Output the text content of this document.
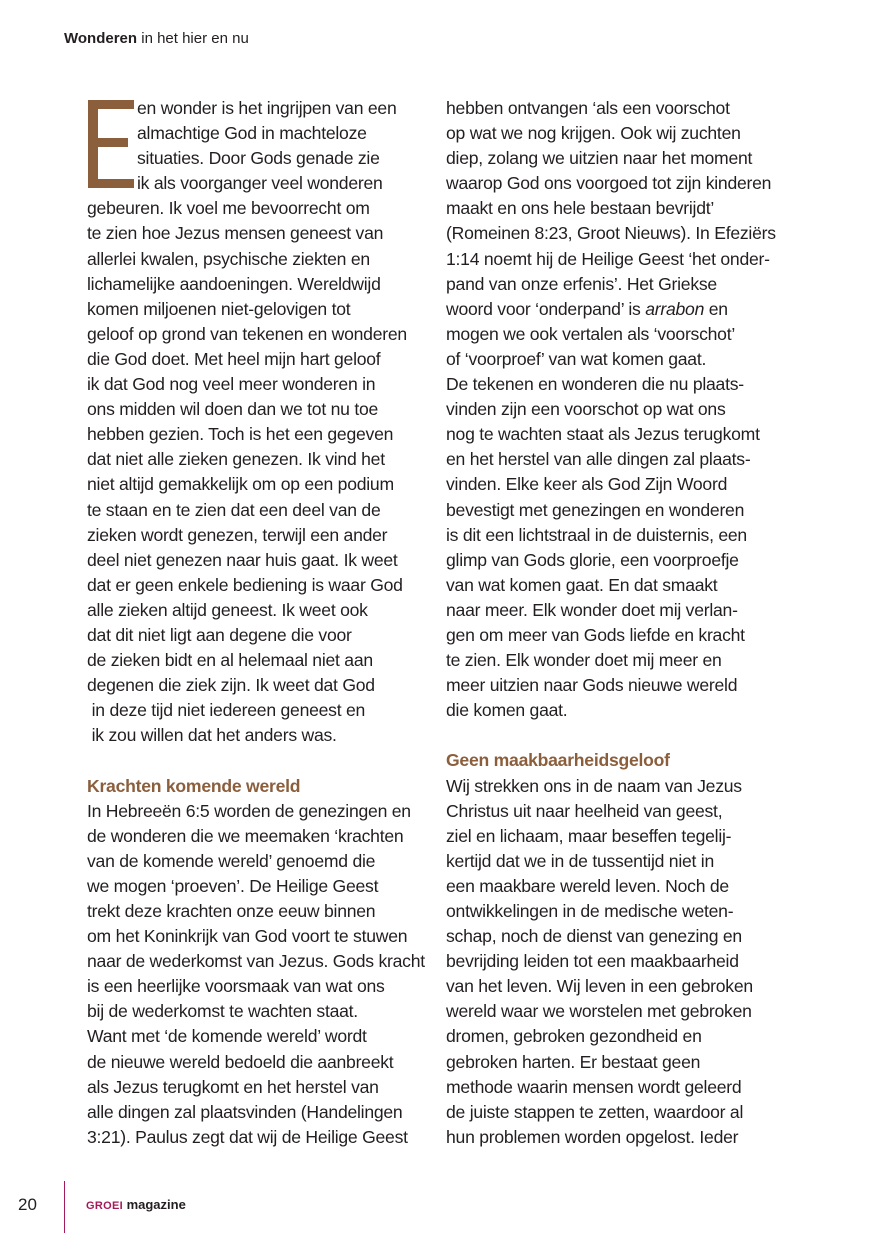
Wonderen in het hier en nu
en wonder is het ingrijpen van een
almachtige God in machteloze
situaties. Door Gods genade zie
ik als voorganger veel wonderen
gebeuren. Ik voel me bevoorrecht om
te zien hoe Jezus mensen geneest van
allerlei kwalen, psychische ziekten en
lichamelijke aandoeningen. Wereldwijd
komen miljoenen niet-gelovigen tot
geloof op grond van tekenen en wonderen
die God doet. Met heel mijn hart geloof
ik dat God nog veel meer wonderen in
ons midden wil doen dan we tot nu toe
hebben gezien. Toch is het een gegeven
dat niet alle zieken genezen. Ik vind het
niet altijd gemakkelijk om op een podium
te staan en te zien dat een deel van de
zieken wordt genezen, terwijl een ander
deel niet genezen naar huis gaat. Ik weet
dat er geen enkele bediening is waar God
alle zieken altijd geneest. Ik weet ook
dat dit niet ligt aan degene die voor
de zieken bidt en al helemaal niet aan
degenen die ziek zijn. Ik weet dat God
in deze tijd niet iedereen geneest en
ik zou willen dat het anders was.
Krachten komende wereld
In Hebreeën 6:5 worden de genezingen en
de wonderen die we meemaken ‘krachten
van de komende wereld’ genoemd die
we mogen ‘proeven’. De Heilige Geest
trekt deze krachten onze eeuw binnen
om het Koninkrijk van God voort te stuwen
naar de wederkomst van Jezus. Gods kracht
is een heerlijke voorsmaak van wat ons
bij de wederkomst te wachten staat.
Want met ‘de komende wereld’ wordt
de nieuwe wereld bedoeld die aanbreekt
als Jezus terugkomt en het herstel van
alle dingen zal plaatsvinden (Handelingen
3:21). Paulus zegt dat wij de Heilige Geest
hebben ontvangen ‘als een voorschot
op wat we nog krijgen. Ook wij zuchten
diep, zolang we uitzien naar het moment
waarop God ons voorgoed tot zijn kinderen
maakt en ons hele bestaan bevrijdt’
(Romeinen 8:23, Groot Nieuws). In Efeziërs
1:14 noemt hij de Heilige Geest ‘het onder-
pand van onze erfenis’. Het Griekse
woord voor ‘onderpand’ is arrabon en
mogen we ook vertalen als ‘voorschot’
of ‘voorproef’ van wat komen gaat.
De tekenen en wonderen die nu plaats-
vinden zijn een voorschot op wat ons
nog te wachten staat als Jezus terugkomt
en het herstel van alle dingen zal plaats-
vinden. Elke keer als God Zijn Woord
bevestigt met genezingen en wonderen
is dit een lichtstraal in de duisternis, een
glimp van Gods glorie, een voorproefje
van wat komen gaat. En dat smaakt
naar meer. Elk wonder doet mij verlan-
gen om meer van Gods liefde en kracht
te zien. Elk wonder doet mij meer en
meer uitzien naar Gods nieuwe wereld
die komen gaat.
Geen maakbaarheidsgeloof
Wij strekken ons in de naam van Jezus
Christus uit naar heelheid van geest,
ziel en lichaam, maar beseffen tegelij-
kertijd dat we in de tussentijd niet in
een maakbare wereld leven. Noch de
ontwikkelingen in de medische weten-
schap, noch de dienst van genezing en
bevrijding leiden tot een maakbaarheid
van het leven. Wij leven in een gebroken
wereld waar we worstelen met gebroken
dromen, gebroken gezondheid en
gebroken harten. Er bestaat geen
methode waarin mensen wordt geleerd
de juiste stappen te zetten, waardoor al
hun problemen worden opgelost. Ieder
20	GROEI magazine
